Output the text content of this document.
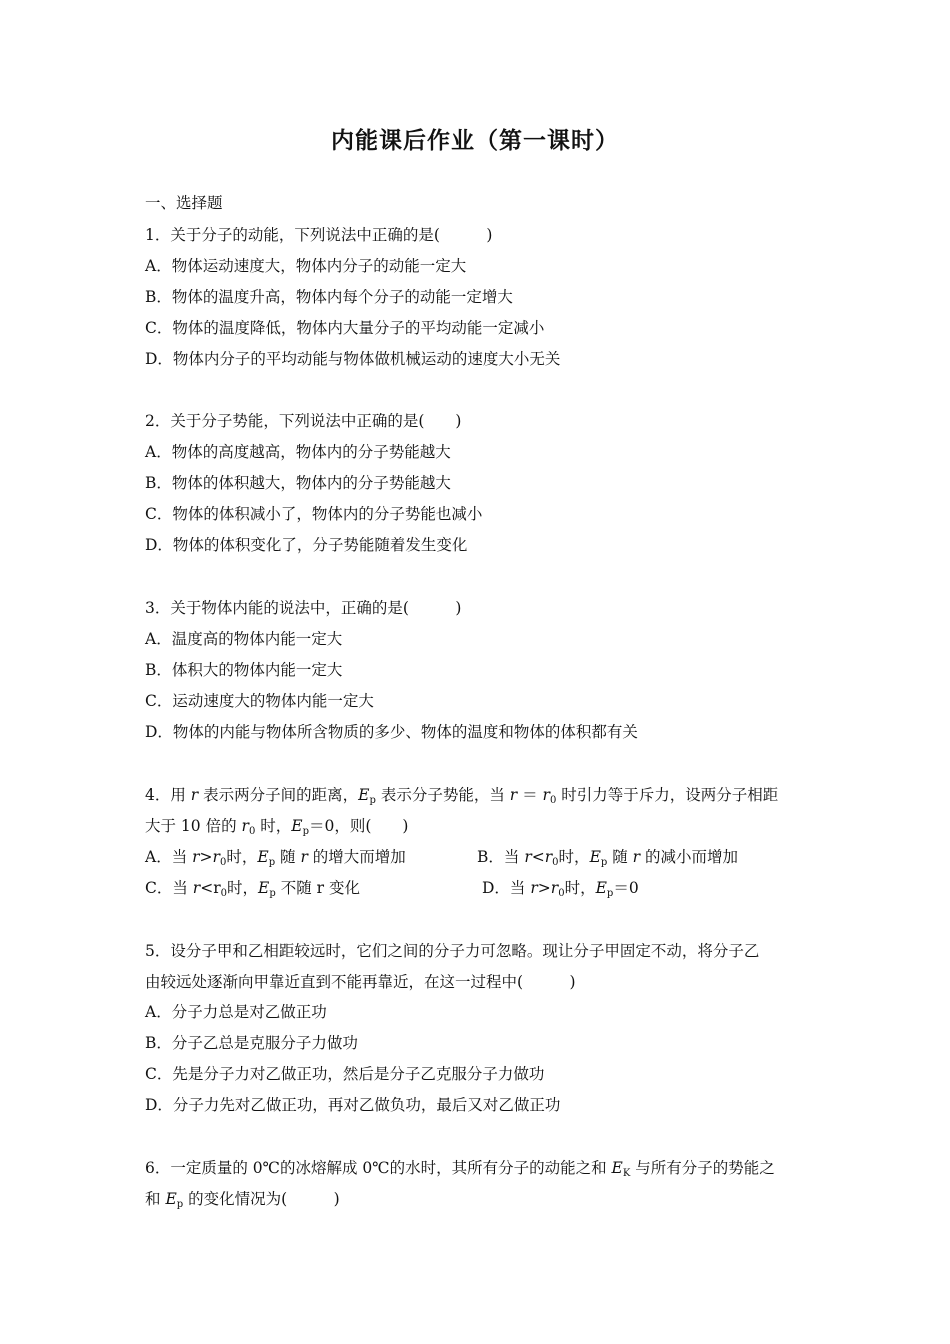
内能课后作业（第一课时）
一、选择题
1．关于分子的动能，下列说法中正确的是(　　　)
A．物体运动速度大，物体内分子的动能一定大
B．物体的温度升高，物体内每个分子的动能一定增大
C．物体的温度降低，物体内大量分子的平均动能一定减小
D．物体内分子的平均动能与物体做机械运动的速度大小无关
2．关于分子势能，下列说法中正确的是(　　)
A．物体的高度越高，物体内的分子势能越大
B．物体的体积越大，物体内的分子势能越大
C．物体的体积减小了，物体内的分子势能也减小
D．物体的体积变化了，分子势能随着发生变化
3．关于物体内能的说法中，正确的是(　　　)
A．温度高的物体内能一定大
B．体积大的物体内能一定大
C．运动速度大的物体内能一定大
D．物体的内能与物体所含物质的多少、物体的温度和物体的体积都有关
4．用 r 表示两分子间的距离，$E_p$ 表示分子势能，当 $r = r_0$ 时引力等于斥力，设两分子相距
大于 10 倍的 $r_0$ 时，$E_p=0$，则(　　)
A．当 $r>r_0$时，$E_p$ 随 r 的增大而增加	B．当 $r<r_0$时，$E_p$ 随 r 的减小而增加
C．当 $r<r_0$时，$E_p$ 不随 r 变化	D．当 $r>r_0$时，$E_p=0$
5．设分子甲和乙相距较远时，它们之间的分子力可忽略。现让分子甲固定不动，将分子乙
由较远处逐渐向甲靠近直到不能再靠近，在这一过程中(　　　)
B．分子乙总是克服分子力做功
A．分子力总是对乙做正功
C．先是分子力对乙做正功，然后是分子乙克服分子力做功
D．分子力先对乙做正功，再对乙做负功，最后又对乙做正功
6．一定质量的 0℃的冰熔解成 0℃的水时，其所有分子的动能之和 $E_K$ 与所有分子的势能之
和 $E_p$ 的变化情况为(　　　)
